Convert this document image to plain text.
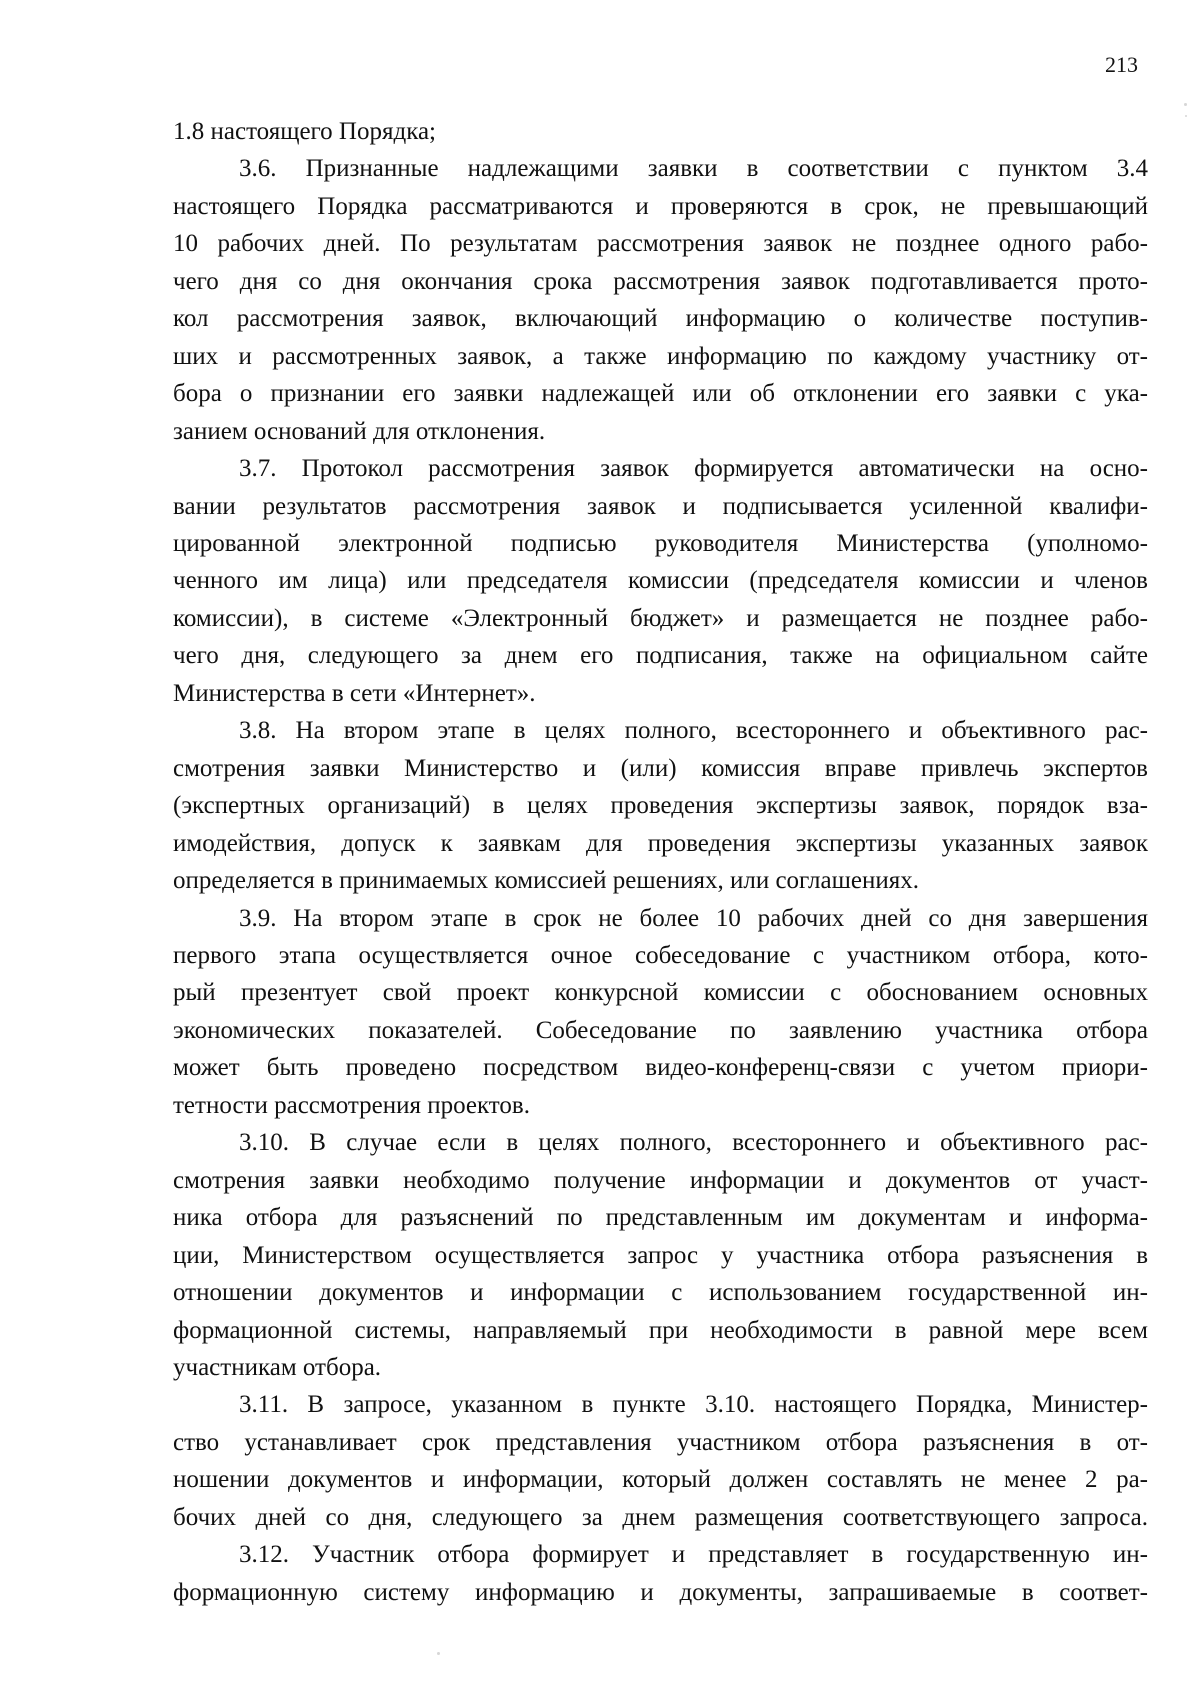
213
1.8 настоящего Порядка;
3.6. Признанные надлежащими заявки в соответствии с пунктом 3.4
настоящего Порядка рассматриваются и проверяются в срок, не превышающий
10 рабочих дней. По результатам рассмотрения заявок не позднее одного рабо-
чего дня со дня окончания срока рассмотрения заявок подготавливается прото-
кол рассмотрения заявок, включающий информацию о количестве поступив-
ших и рассмотренных заявок, а также информацию по каждому участнику от-
бора о признании его заявки надлежащей или об отклонении его заявки с ука-
занием оснований для отклонения.
3.7. Протокол рассмотрения заявок формируется автоматически на осно-
вании результатов рассмотрения заявок и подписывается усиленной квалифи-
цированной электронной подписью руководителя Министерства (уполномо-
ченного им лица) или председателя комиссии (председателя комиссии и членов
комиссии), в системе «Электронный бюджет» и размещается не позднее рабо-
чего дня, следующего за днем его подписания, также на официальном сайте
Министерства в сети «Интернет».
3.8. На втором этапе в целях полного, всестороннего и объективного рас-
смотрения заявки Министерство и (или) комиссия вправе привлечь экспертов
(экспертных организаций) в целях проведения экспертизы заявок, порядок вза-
имодействия, допуск к заявкам для проведения экспертизы указанных заявок
определяется в принимаемых комиссией решениях, или соглашениях.
3.9. На втором этапе в срок не более 10 рабочих дней со дня завершения
первого этапа осуществляется очное собеседование с участником отбора, кото-
рый презентует свой проект конкурсной комиссии с обоснованием основных
экономических показателей. Собеседование по заявлению участника отбора
может быть проведено посредством видео-конференц-связи с учетом приори-
тетности рассмотрения проектов.
3.10. В случае если в целях полного, всестороннего и объективного рас-
смотрения заявки необходимо получение информации и документов от участ-
ника отбора для разъяснений по представленным им документам и информа-
ции, Министерством осуществляется запрос у участника отбора разъяснения в
отношении документов и информации с использованием государственной ин-
формационной системы, направляемый при необходимости в равной мере всем
участникам отбора.
3.11. В запросе, указанном в пункте 3.10. настоящего Порядка, Министер-
ство устанавливает срок представления участником отбора разъяснения в от-
ношении документов и информации, который должен составлять не менее 2 ра-
бочих дней со дня, следующего за днем размещения соответствующего запроса.
3.12. Участник отбора формирует и представляет в государственную ин-
формационную систему информацию и документы, запрашиваемые в соответ-
